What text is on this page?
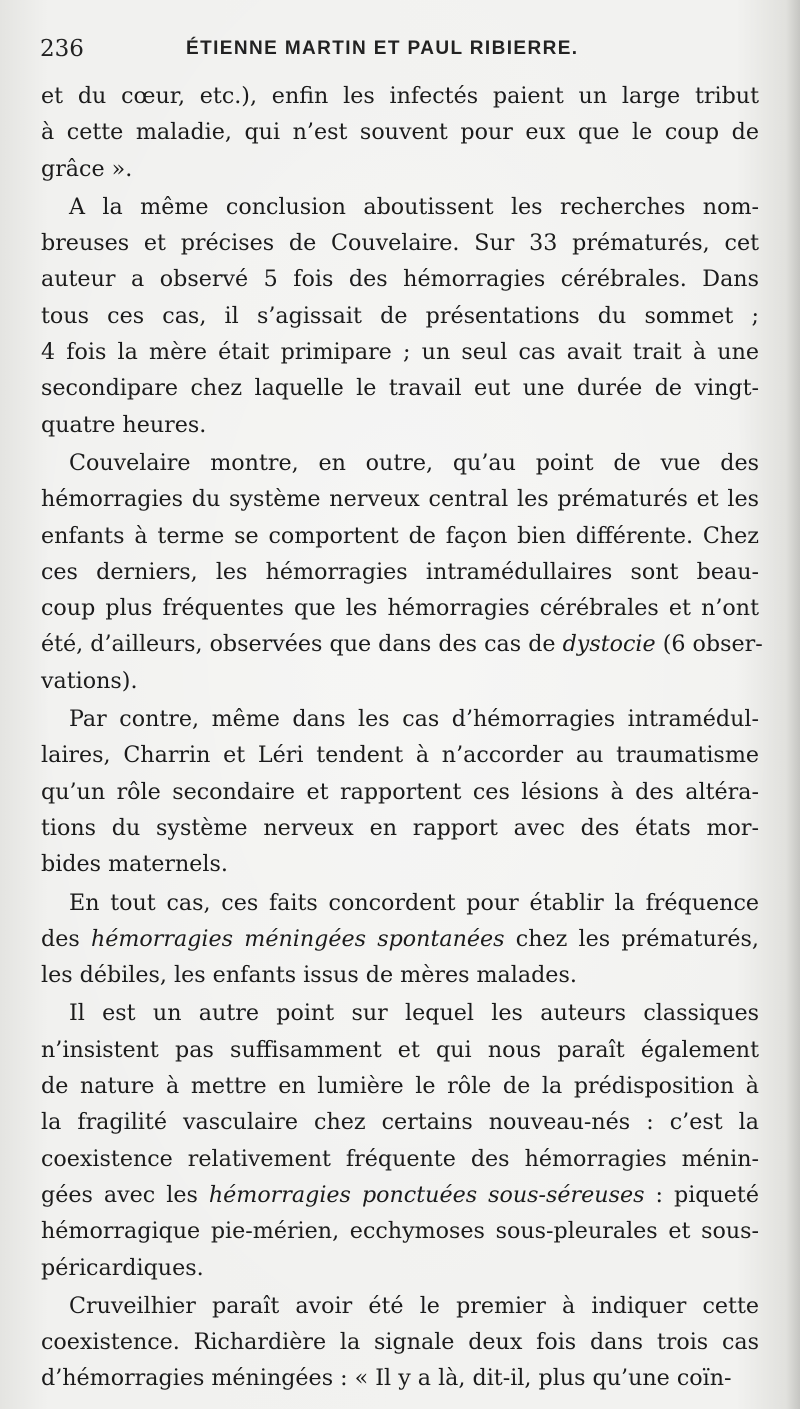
236	ÉTIENNE MARTIN ET PAUL RIBIERRE.
et du cœur, etc.), enfin les infectés paient un large tribut
à cette maladie, qui n’est souvent pour eux que le coup de
grâce ».
A la même conclusion aboutissent les recherches nom-
breuses et précises de Couvelaire. Sur 33 prématurés, cet
auteur a observé 5 fois des hémorragies cérébrales. Dans
tous ces cas, il s’agissait de présentations du sommet ;
4 fois la mère était primipare ; un seul cas avait trait à une
secondipare chez laquelle le travail eut une durée de vingt-
quatre heures.
Couvelaire montre, en outre, qu’au point de vue des
hémorragies du système nerveux central les prématurés et les
enfants à terme se comportent de façon bien différente. Chez
ces derniers, les hémorragies intramédullaires sont beau-
coup plus fréquentes que les hémorragies cérébrales et n’ont
été, d’ailleurs, observées que dans des cas de dystocie (6 obser-
vations).
Par contre, même dans les cas d’hémorragies intramédul-
laires, Charrin et Léri tendent à n’accorder au traumatisme
qu’un rôle secondaire et rapportent ces lésions à des altéra-
tions du système nerveux en rapport avec des états mor-
bides maternels.
En tout cas, ces faits concordent pour établir la fréquence
des hémorragies méningées spontanées chez les prématurés,
les débiles, les enfants issus de mères malades.
Il est un autre point sur lequel les auteurs classiques
n’insistent pas suffisamment et qui nous paraît également
de nature à mettre en lumière le rôle de la prédisposition à
la fragilité vasculaire chez certains nouveau-nés : c’est la
coexistence relativement fréquente des hémorragies ménin-
gées avec les hémorragies ponctuées sous-séreuses : piqueté
hémorragique pie-mérien, ecchymoses sous-pleurales et sous-
péricardiques.
Cruveilhier paraît avoir été le premier à indiquer cette
coexistence. Richardière la signale deux fois dans trois cas
d’hémorragies méningées : « Il y a là, dit-il, plus qu’une coïn-
